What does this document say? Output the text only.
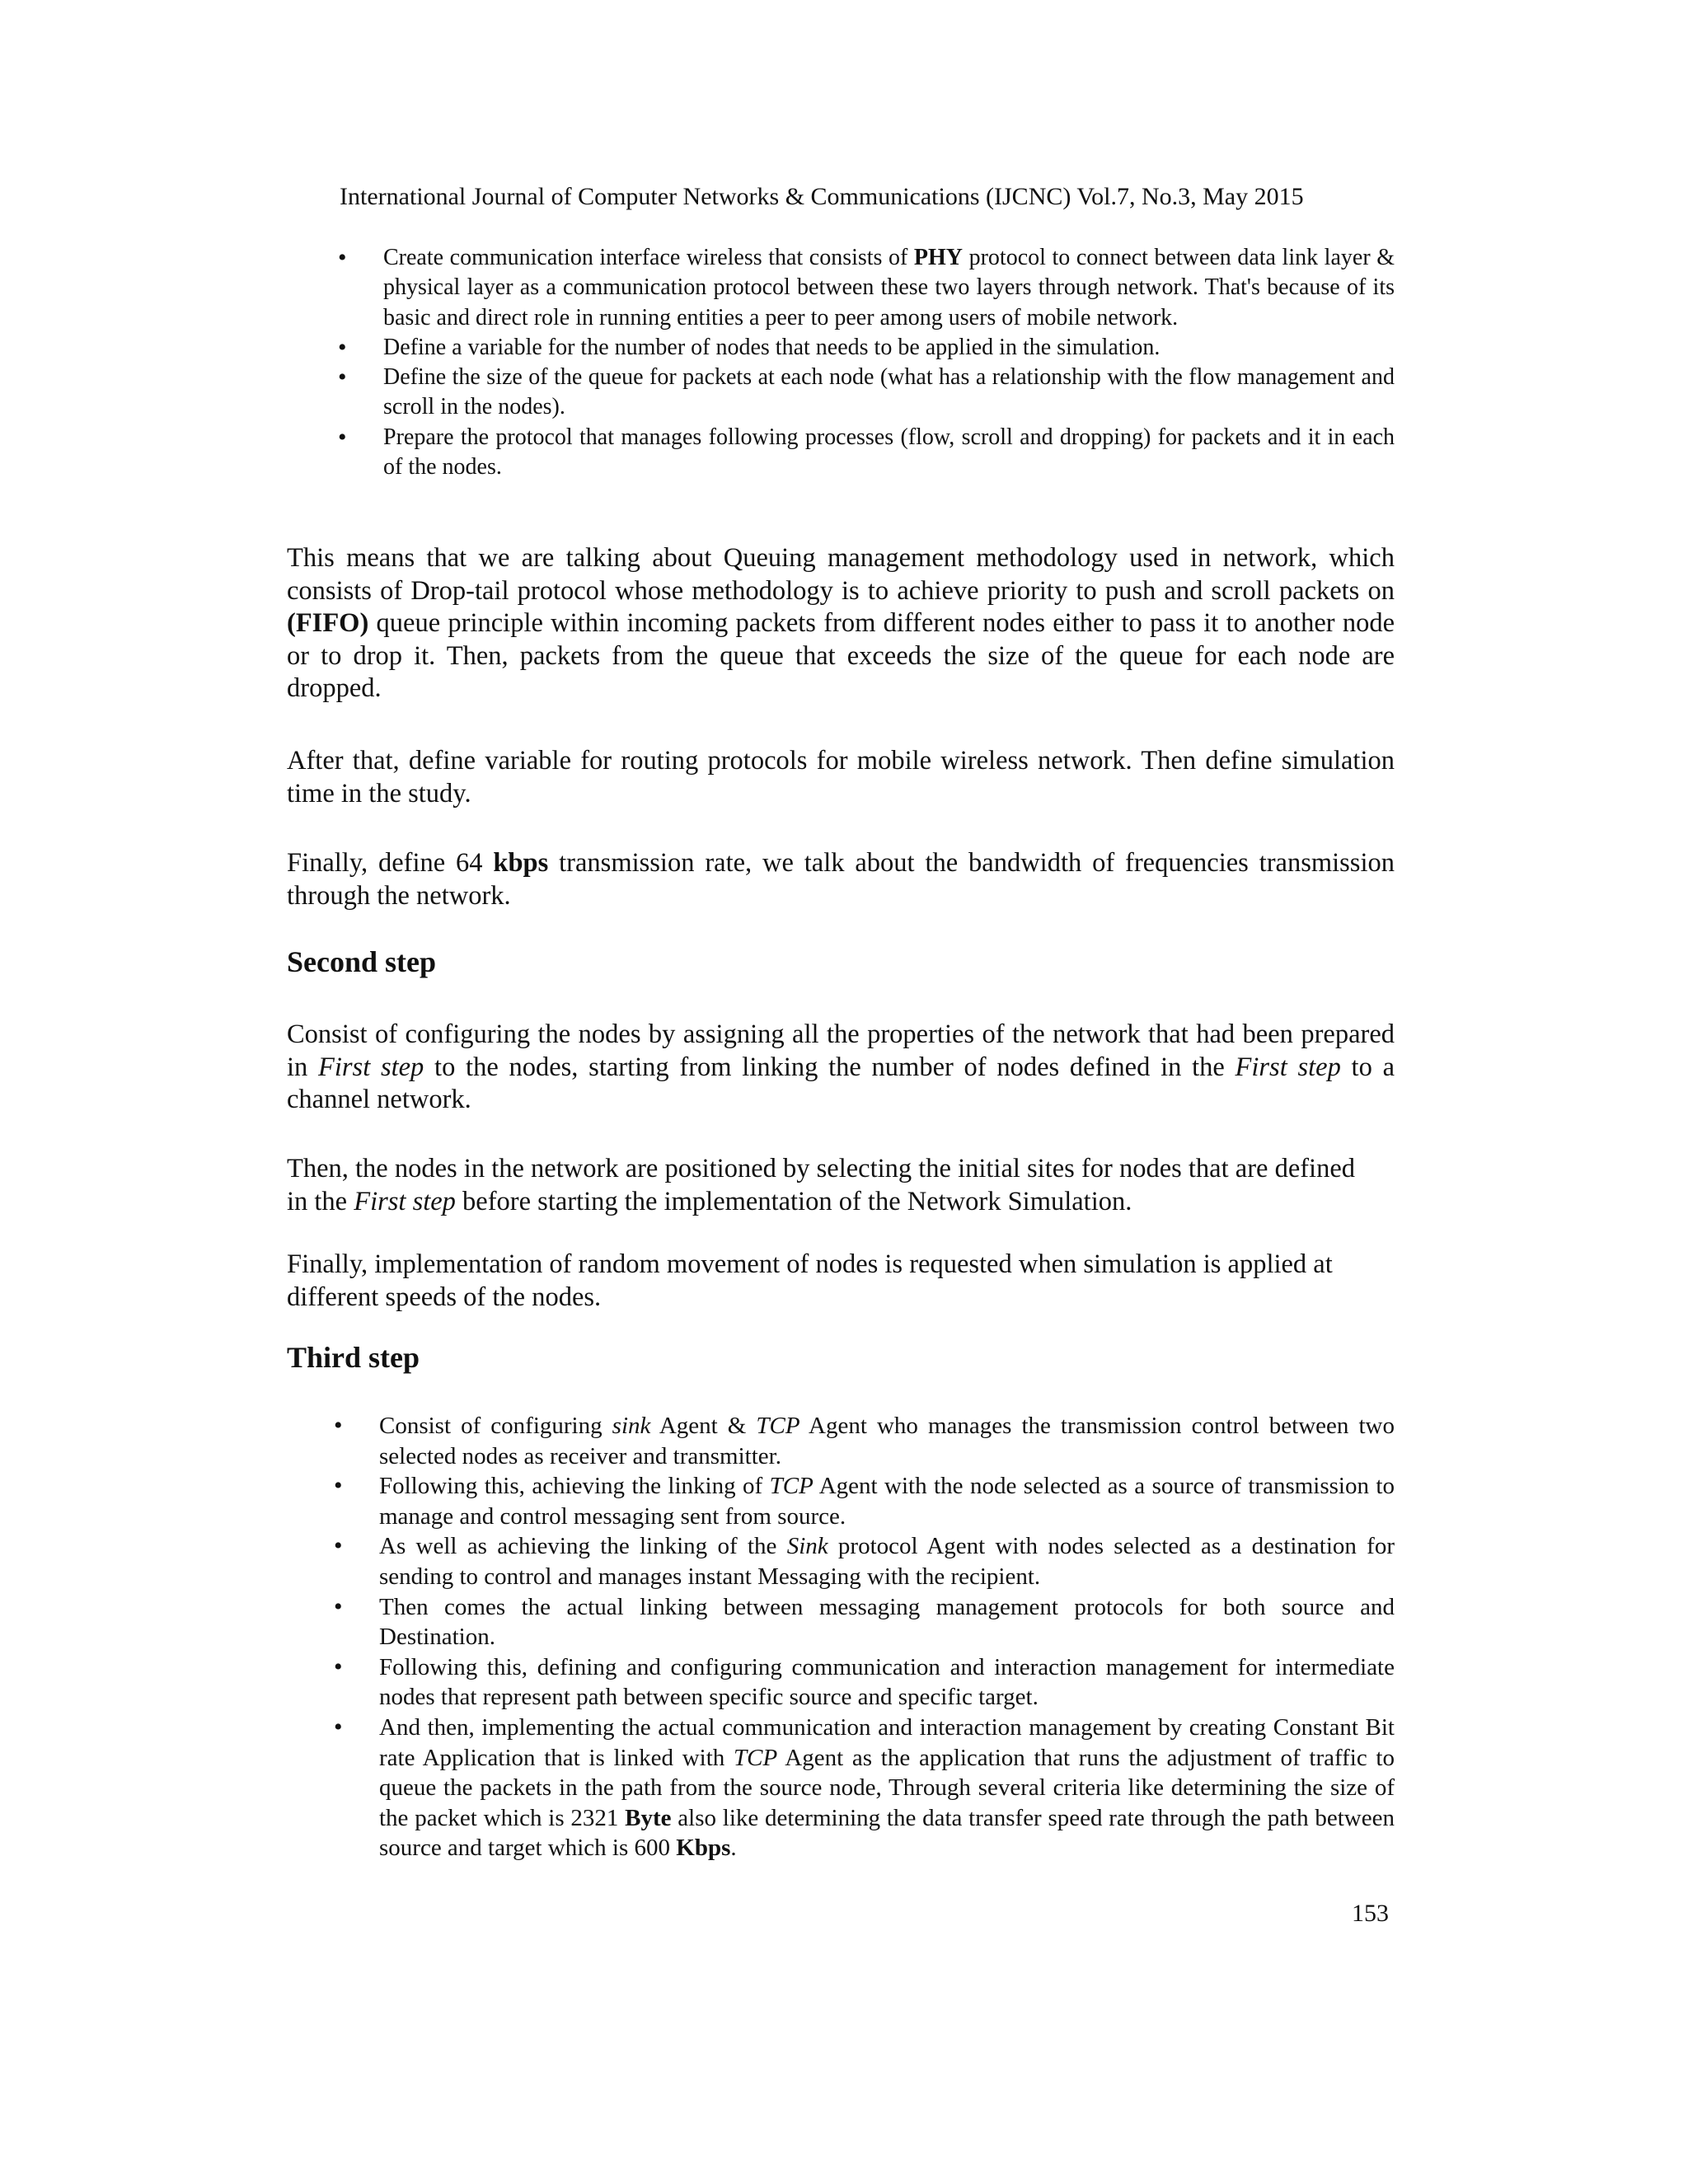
International Journal of Computer Networks & Communications (IJCNC) Vol.7, No.3, May 2015
• Create communication interface wireless that consists of PHY protocol to connect between data link layer & physical layer as a communication protocol between these two layers through network. That's because of its basic and direct role in running entities a peer to peer among users of mobile network.
• Define a variable for the number of nodes that needs to be applied in the simulation.
• Define the size of the queue for packets at each node (what has a relationship with the flow management and scroll in the nodes).
• Prepare the protocol that manages following processes (flow, scroll and dropping) for packets and it in each of the nodes.

This means that we are talking about Queuing management methodology used in network, which consists of Drop-tail protocol whose methodology is to achieve priority to push and scroll packets on (FIFO) queue principle within incoming packets from different nodes either to pass it to another node or to drop it. Then, packets from the queue that exceeds the size of the queue for each node are dropped.

After that, define variable for routing protocols for mobile wireless network. Then define simulation time in the study.

Finally, define 64 kbps transmission rate, we talk about the bandwidth of frequencies transmission through the network.

Second step

Consist of configuring the nodes by assigning all the properties of the network that had been prepared in First step to the nodes, starting from linking the number of nodes defined in the First step to a channel network.

Then, the nodes in the network are positioned by selecting the initial sites for nodes that are defined in the First step before starting the implementation of the Network Simulation.

Finally, implementation of random movement of nodes is requested when simulation is applied at different speeds of the nodes.

Third step
• Consist of configuring sink Agent & TCP Agent who manages the transmission control between two selected nodes as receiver and transmitter.
• Following this, achieving the linking of TCP Agent with the node selected as a source of transmission to manage and control messaging sent from source.
• As well as achieving the linking of the Sink protocol Agent with nodes selected as a destination for sending to control and manages instant Messaging with the recipient.
• Then comes the actual linking between messaging management protocols for both source and Destination.
• Following this, defining and configuring communication and interaction management for intermediate nodes that represent path between specific source and specific target.
• And then, implementing the actual communication and interaction management by creating Constant Bit rate Application that is linked with TCP Agent as the application that runs the adjustment of traffic to queue the packets in the path from the source node, Through several criteria like determining the size of the packet which is 2321 Byte also like determining the data transfer speed rate through the path between source and target which is 600 Kbps.
153
